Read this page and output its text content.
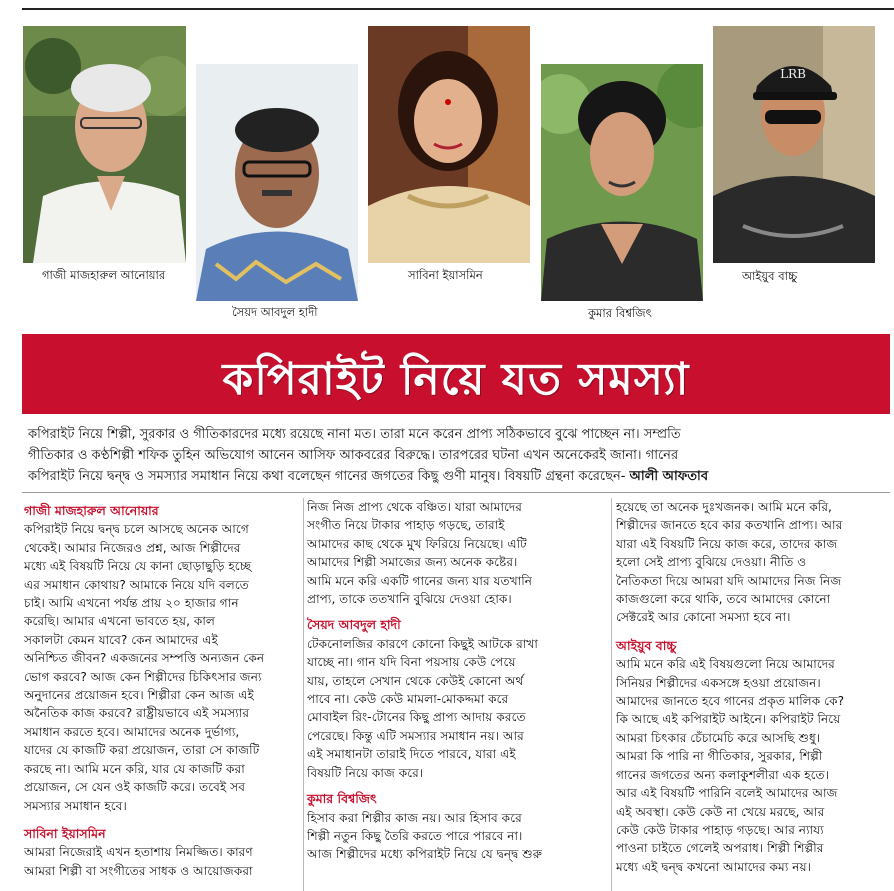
গাজী মাজহারুল আনোয়ার
সৈয়দ আবদুল হাদী
সাবিনা ইয়াসমিন
কুমার বিশ্বজিৎ
LRB
আইয়ুব বাচ্চু
কপিরাইট নিয়ে যত সমস্যা
কপিরাইট নিয়ে শিল্পী, সুরকার ও গীতিকারদের মধ্যে রয়েছে নানা মত। তারা মনে করেন প্রাপ্য সঠিকভাবে বুঝে পাচ্ছেন না। সম্প্রতি
গীতিকার ও কণ্ঠশিল্পী শফিক তুহিন অভিযোগ আনেন আসিফ আকবরের বিরুদ্ধে। তারপরের ঘটনা এখন অনেকেরই জানা। গানের
কপিরাইট নিয়ে দ্বন্দ্ব ও সমস্যার সমাধান নিয়ে কথা বলেছেন গানের জগতের কিছু গুণী মানুষ। বিষয়টি গ্রন্থনা করেছেন- আলী আফতাব
গাজী মাজহারুল আনোয়ার
কপিরাইট নিয়ে দ্বন্দ্ব চলে আসছে অনেক আগে
থেকেই। আমার নিজেরও প্রশ্ন, আজ শিল্পীদের
মধ্যে এই বিষয়টি নিয়ে যে কানা ছোড়াছুড়ি হচ্ছে
এর সমাধান কোথায়? আমাকে নিয়ে যদি বলতে
চাই। আমি এখনো পর্যন্ত প্রায় ২০ হাজার গান
করেছি। আমার এখনো ভাবতে হয়, কাল
সকালটা কেমন যাবে? কেন আমাদের এই
অনিশ্চিত জীবন? একজনের সম্পত্তি অন্যজন কেন
ভোগ করবে? আজ কেন শিল্পীদের চিকিৎসার জন্য
অনুদানের প্রয়োজন হবে। শিল্পীরা কেন আজ এই
অনৈতিক কাজ করবে? রাষ্ট্রীয়ভাবে এই সমস্যার
সমাধান করতে হবে। আমাদের অনেক দুর্ভাগ্য,
যাদের যে কাজটি করা প্রয়োজন, তারা সে কাজটি
করছে না। আমি মনে করি, যার যে কাজটি করা
প্রয়োজন, সে যেন ওই কাজটি করে। তবেই সব
সমস্যার সমাধান হবে।
সাবিনা ইয়াসমিন
আমরা নিজেরাই এখন হতাশায় নিমজ্জিত। কারণ
আমরা শিল্পী বা সংগীতের সাধক ও আয়োজকরা
নিজ নিজ প্রাপ্য থেকে বঞ্চিত। যারা আমাদের
সংগীত নিয়ে টাকার পাহাড় গড়ছে, তারাই
আমাদের কাছ থেকে মুখ ফিরিয়ে নিয়েছে। এটি
আমাদের শিল্পী সমাজের জন্য অনেক কষ্টের।
আমি মনে করি একটি গানের জন্য যার যতখানি
প্রাপ্য, তাকে ততখানি বুঝিয়ে দেওয়া হোক।
সৈয়দ আবদুল হাদী
টেকনোলজির কারণে কোনো কিছুই আটকে রাখা
যাচ্ছে না। গান যদি বিনা পয়সায় কেউ পেয়ে
যায়, তাহলে সেখান থেকে কেউই কোনো অর্থ
পাবে না। কেউ কেউ মামলা-মোকদ্দমা করে
মোবাইল রিং-টোনের কিছু প্রাপ্য আদায় করতে
পেরেছে। কিন্তু এটি সমস্যার সমাধান নয়। আর
এই সমাধানটা তারাই দিতে পারবে, যারা এই
বিষয়টি নিয়ে কাজ করে।
কুমার বিশ্বজিৎ
হিসাব করা শিল্পীর কাজ নয়। আর হিসাব করে
শিল্পী নতুন কিছু তৈরি করতে পারে পারবে না।
আজ শিল্পীদের মধ্যে কপিরাইট নিয়ে যে দ্বন্দ্ব শুরু
হয়েছে তা অনেক দুঃখজনক। আমি মনে করি,
শিল্পীদের জানতে হবে কার কতখানি প্রাপ্য। আর
যারা এই বিষয়টি নিয়ে কাজ করে, তাদের কাজ
হলো সেই প্রাপ্য বুঝিয়ে দেওয়া। নীতি ও
নৈতিকতা দিয়ে আমরা যদি আমাদের নিজ নিজ
কাজগুলো করে থাকি, তবে আমাদের কোনো
সেক্টরেই আর কোনো সমস্যা হবে না।
আইয়ুব বাচ্চু
আমি মনে করি এই বিষয়গুলো নিয়ে আমাদের
সিনিয়র শিল্পীদের একসঙ্গে হওয়া প্রয়োজন।
আমাদের জানতে হবে গানের প্রকৃত মালিক কে?
কি আছে এই কপিরাইট আইনে। কপিরাইট নিয়ে
আমরা চিৎকার চেঁচামেচি করে আসছি শুধু।
আমরা কি পারি না গীতিকার, সুরকার, শিল্পী
গানের জগতের অন্য কলাকুশলীরা এক হতে।
আর এই বিষয়টি পারিনি বলেই আমাদের আজ
এই অবস্থা। কেউ কেউ না খেয়ে মরছে, আর
কেউ কেউ টাকার পাহাড় গড়ছে। আর ন্যায্য
পাওনা চাইতে গেলেই অপরাধ। শিল্পী শিল্পীর
মধ্যে এই দ্বন্দ্ব কখনো আমাদের কম্য নয়।
